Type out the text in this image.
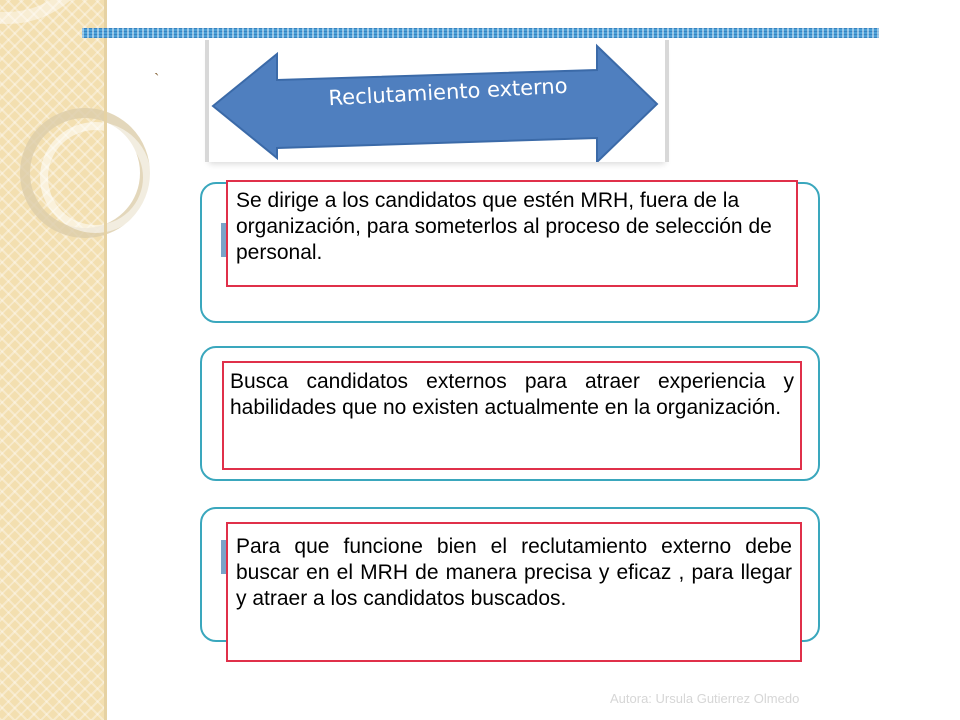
`	Reclutamiento externo
Se dirige a los candidatos que estén MRH, fuera de la organización, para someterlos al proceso de selección de personal.
Busca candidatos externos para atraer experiencia y habilidades que no existen actualmente en la organización.
Para que funcione bien el reclutamiento externo debe buscar en el MRH de manera precisa y eficaz , para llegar y atraer a los candidatos buscados.
Autora: Ursula Gutierrez Olmedo
